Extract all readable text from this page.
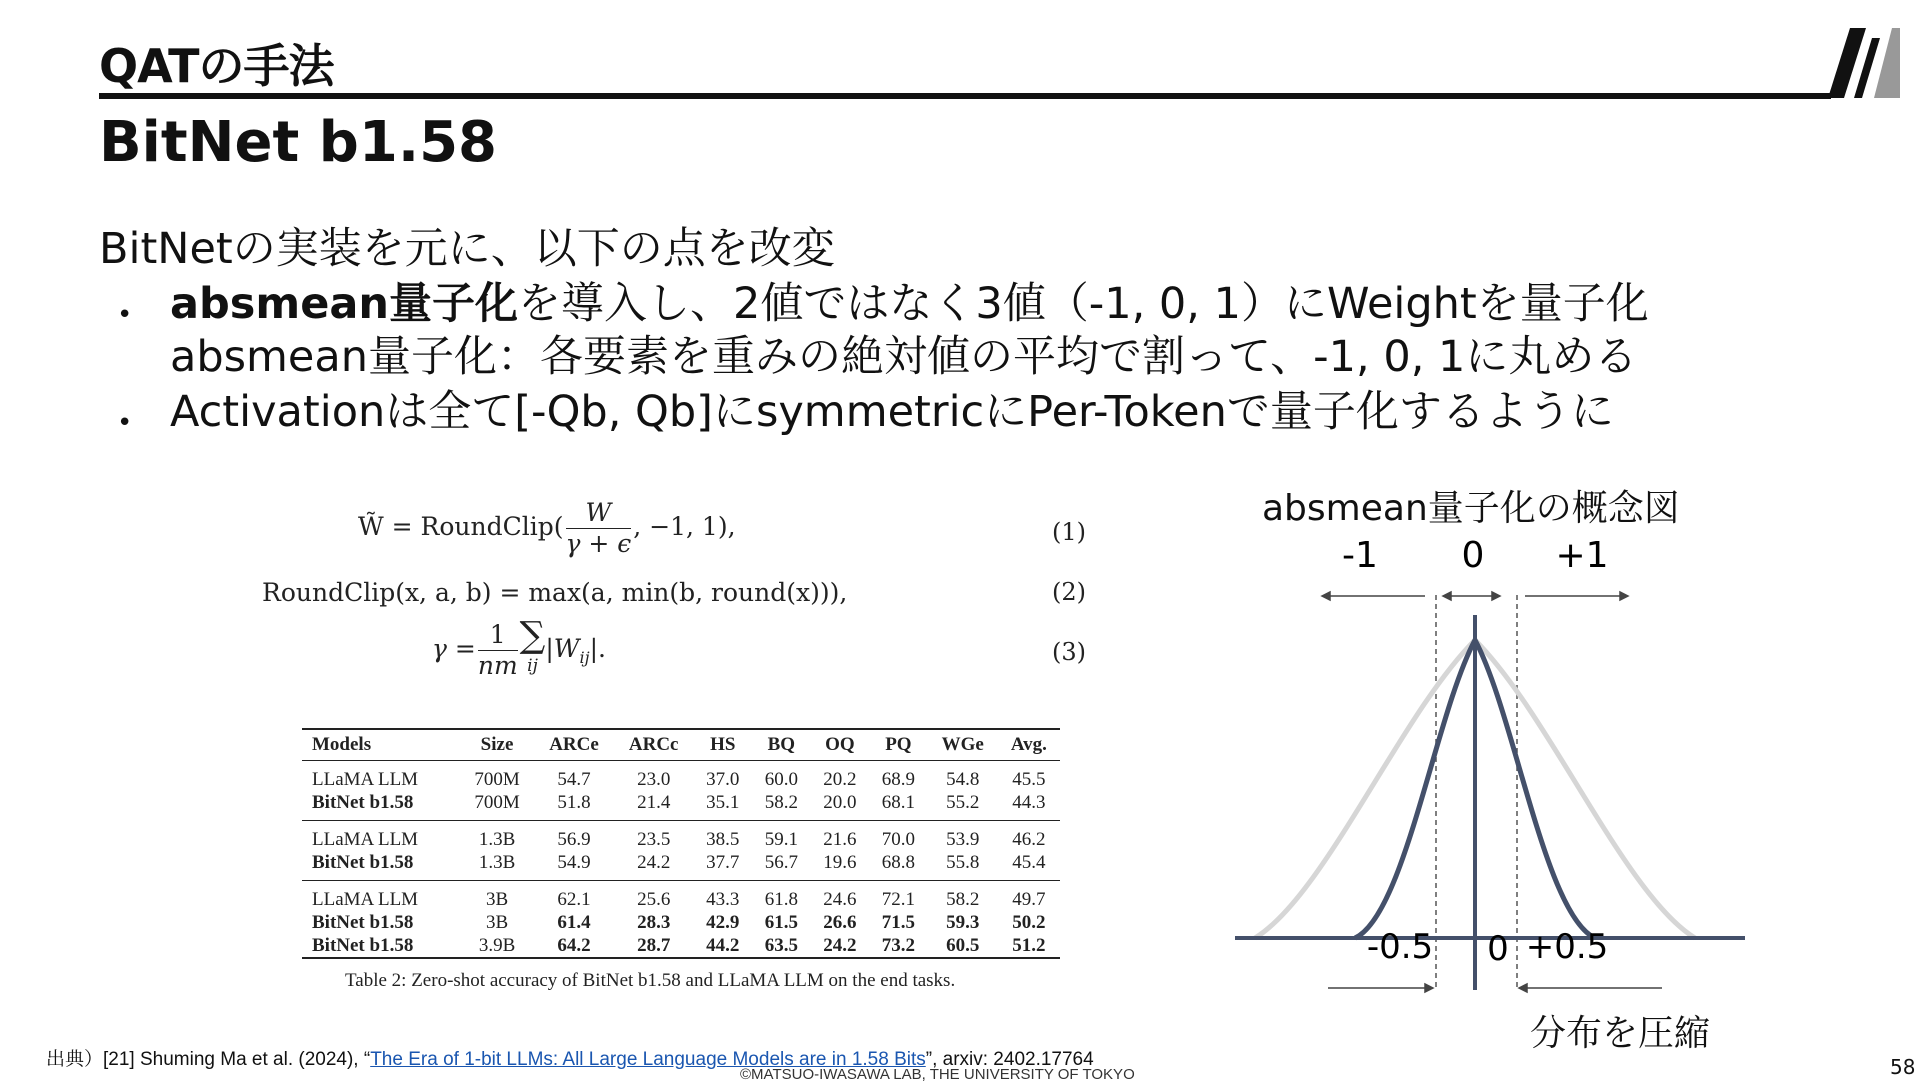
QATの手法
BitNet b1.58
BitNetの実装を元に、以下の点を改変
• absmean量子化を導入し、2値ではなく3値（-1, 0, 1）にWeightを量子化
absmean量子化：各要素を重みの絶対値の平均で割って、-1, 0, 1に丸める
• Activationは全て[-Qb, Qb]にsymmetricにPer-Tokenで量子化するように
W̃ = RoundClip( $\frac{W}{\gamma + \epsilon}$ , −1, 1),	(1)
RoundClip(x, a, b) = max(a, min(b, round(x))),	(2)
$\gamma = \frac{1}{nm}$ ∑
ij
$|W_{ij}|$.	(3)
Models	Size	ARCe	ARCc	HS	BQ	OQ	PQ	WGe	Avg.
LLaMA LLM	700M	54.7	23.0	37.0	60.0	20.2	68.9	54.8	45.5
BitNet b1.58	700M	51.8	21.4	35.1	58.2	20.0	68.1	55.2	44.3
LLaMA LLM	1.3B	56.9	23.5	38.5	59.1	21.6	70.0	53.9	46.2
BitNet b1.58	1.3B	54.9	24.2	37.7	56.7	19.6	68.8	55.8	45.4
LLaMA LLM	3B	62.1	25.6	43.3	61.8	24.6	72.1	58.2	49.7
BitNet b1.58	3B	61.4	28.3	42.9	61.5	26.6	71.5	59.3	50.2
BitNet b1.58	3.9B	64.2	28.7	44.2	63.5	24.2	73.2	60.5	51.2
Table 2: Zero-shot accuracy of BitNet b1.58 and LLaMA LLM on the end tasks.
absmean量子化の概念図
-1 0 +1
-0.5 0 +0.5
分布を圧縮
出典）[21] Shuming Ma et al. (2024), “The Era of 1-bit LLMs: All Large Language Models are in 1.58 Bits”, arxiv: 2402.17764
©MATSUO-IWASAWA LAB, THE UNIVERSITY OF TOKYO	58
